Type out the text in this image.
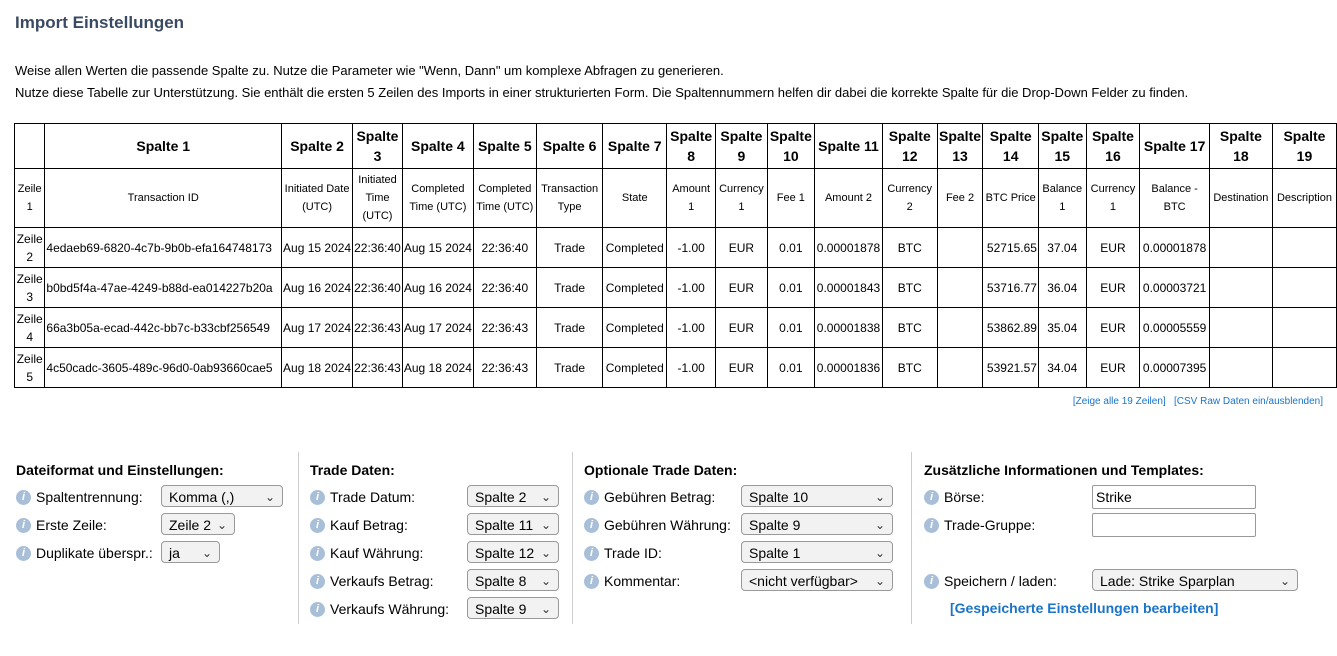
Import Einstellungen
Weise allen Werten die passende Spalte zu. Nutze die Parameter wie "Wenn, Dann" um komplexe Abfragen zu generieren.
Nutze diese Tabelle zur Unterstützung. Sie enthält die ersten 5 Zeilen des Imports in einer strukturierten Form. Die Spaltennummern helfen dir dabei die korrekte Spalte für die Drop-Down Felder zu finden.
	Spalte 1	Spalte 2	Spalte 3	Spalte 4	Spalte 5	Spalte 6	Spalte 7	Spalte 8	Spalte 9	Spalte 10	Spalte 11	Spalte 12	Spalte 13	Spalte 14	Spalte 15	Spalte 16	Spalte 17	Spalte 18	Spalte 19
Zeile 1	Transaction ID	Initiated Date (UTC)	Initiated Time (UTC)	Completed Time (UTC)	Completed Time (UTC)	Transaction Type	State	Amount 1	Currency 1	Fee 1	Amount 2	Currency 2	Fee 2	BTC Price	Balance 1	Currency 1	Balance - BTC	Destination	Description
Zeile 2	4edaeb69-6820-4c7b-9b0b-efa164748173	Aug 15 2024	22:36:40	Aug 15 2024	22:36:40	Trade	Completed	-1.00	EUR	0.01	0.00001878	BTC		52715.65	37.04	EUR	0.00001878		
Zeile 3	b0bd5f4a-47ae-4249-b88d-ea014227b20a	Aug 16 2024	22:36:40	Aug 16 2024	22:36:40	Trade	Completed	-1.00	EUR	0.01	0.00001843	BTC		53716.77	36.04	EUR	0.00003721		
Zeile 4	66a3b05a-ecad-442c-bb7c-b33cbf256549	Aug 17 2024	22:36:43	Aug 17 2024	22:36:43	Trade	Completed	-1.00	EUR	0.01	0.00001838	BTC		53862.89	35.04	EUR	0.00005559		
Zeile 5	4c50cadc-3605-489c-96d0-0ab93660cae5	Aug 18 2024	22:36:43	Aug 18 2024	22:36:43	Trade	Completed	-1.00	EUR	0.01	0.00001836	BTC		53921.57	34.04	EUR	0.00007395		
[Zeige alle 19 Zeilen] [CSV Raw Daten ein/ausblenden]
Dateiformat und Einstellungen:
i Spaltentrennung:	Komma (,)	⌄
i Erste Zeile:	Zeile 2 ⌄
i Duplikate überspr.:	ja ⌄
Trade Daten:
i Trade Datum:	Spalte 2 ⌄
i Kauf Betrag:	Spalte 11 ⌄
i Kauf Währung:	Spalte 12 ⌄
i Verkaufs Betrag:	Spalte 8 ⌄
i Verkaufs Währung:	Spalte 9 ⌄
Optionale Trade Daten:
i Gebühren Betrag:	Spalte 10	⌄
i Gebühren Währung:	Spalte 9	⌄
i Trade ID:	Spalte 1	⌄
i Kommentar:	<nicht verfügbar> ⌄
Zusätzliche Informationen und Templates:
i Börse:	Strike
i Trade-Gruppe:
i Speichern / laden:	Lade: Strike Sparplan	⌄
[Gespeicherte Einstellungen bearbeiten]
